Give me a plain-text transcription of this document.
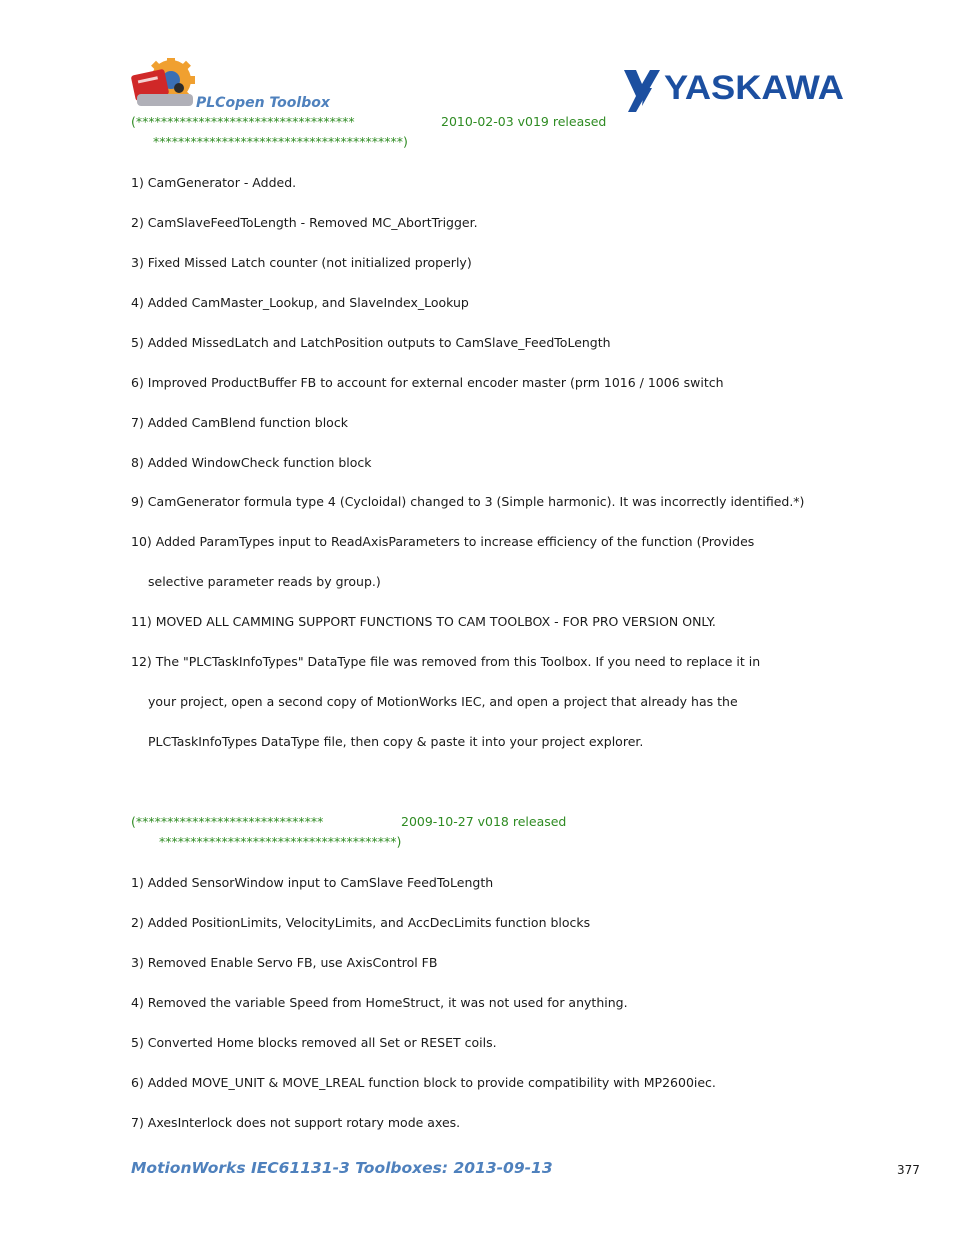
PLCopen Toolbox	YASKAWA
(***********************************	2010-02-03 v019 released
****************************************)
1) CamGenerator - Added.
2) CamSlaveFeedToLength - Removed MC_AbortTrigger.
3) Fixed Missed Latch counter (not initialized properly)
4) Added CamMaster_Lookup, and SlaveIndex_Lookup
5) Added MissedLatch and LatchPosition outputs to CamSlave_FeedToLength
6) Improved ProductBuffer FB to account for external encoder master (prm 1016 / 1006 switch
7) Added CamBlend function block
8) Added WindowCheck function block
9) CamGenerator formula type 4 (Cycloidal) changed to 3 (Simple harmonic). It was incorrectly identified.*)
10) Added ParamTypes input to ReadAxisParameters to increase efficiency of the function (Provides
selective parameter reads by group.)
11) MOVED ALL CAMMING SUPPORT FUNCTIONS TO CAM TOOLBOX - FOR PRO VERSION ONLY.
12) The "PLCTaskInfoTypes" DataType file was removed from this Toolbox. If you need to replace it in
your project, open a second copy of MotionWorks IEC, and open a project that already has the
PLCTaskInfoTypes DataType file, then copy & paste it into your project explorer.
(******************************	2009-10-27 v018 released
**************************************)
1) Added SensorWindow input to CamSlave FeedToLength
2) Added PositionLimits, VelocityLimits, and AccDecLimits function blocks
3) Removed Enable Servo FB, use AxisControl FB
4) Removed the variable Speed from HomeStruct, it was not used for anything.
5) Converted Home blocks removed all Set or RESET coils.
6) Added MOVE_UNIT & MOVE_LREAL function block to provide compatibility with MP2600iec.
7) AxesInterlock does not support rotary mode axes.
MotionWorks IEC61131-3 Toolboxes: 2013-09-13	377
